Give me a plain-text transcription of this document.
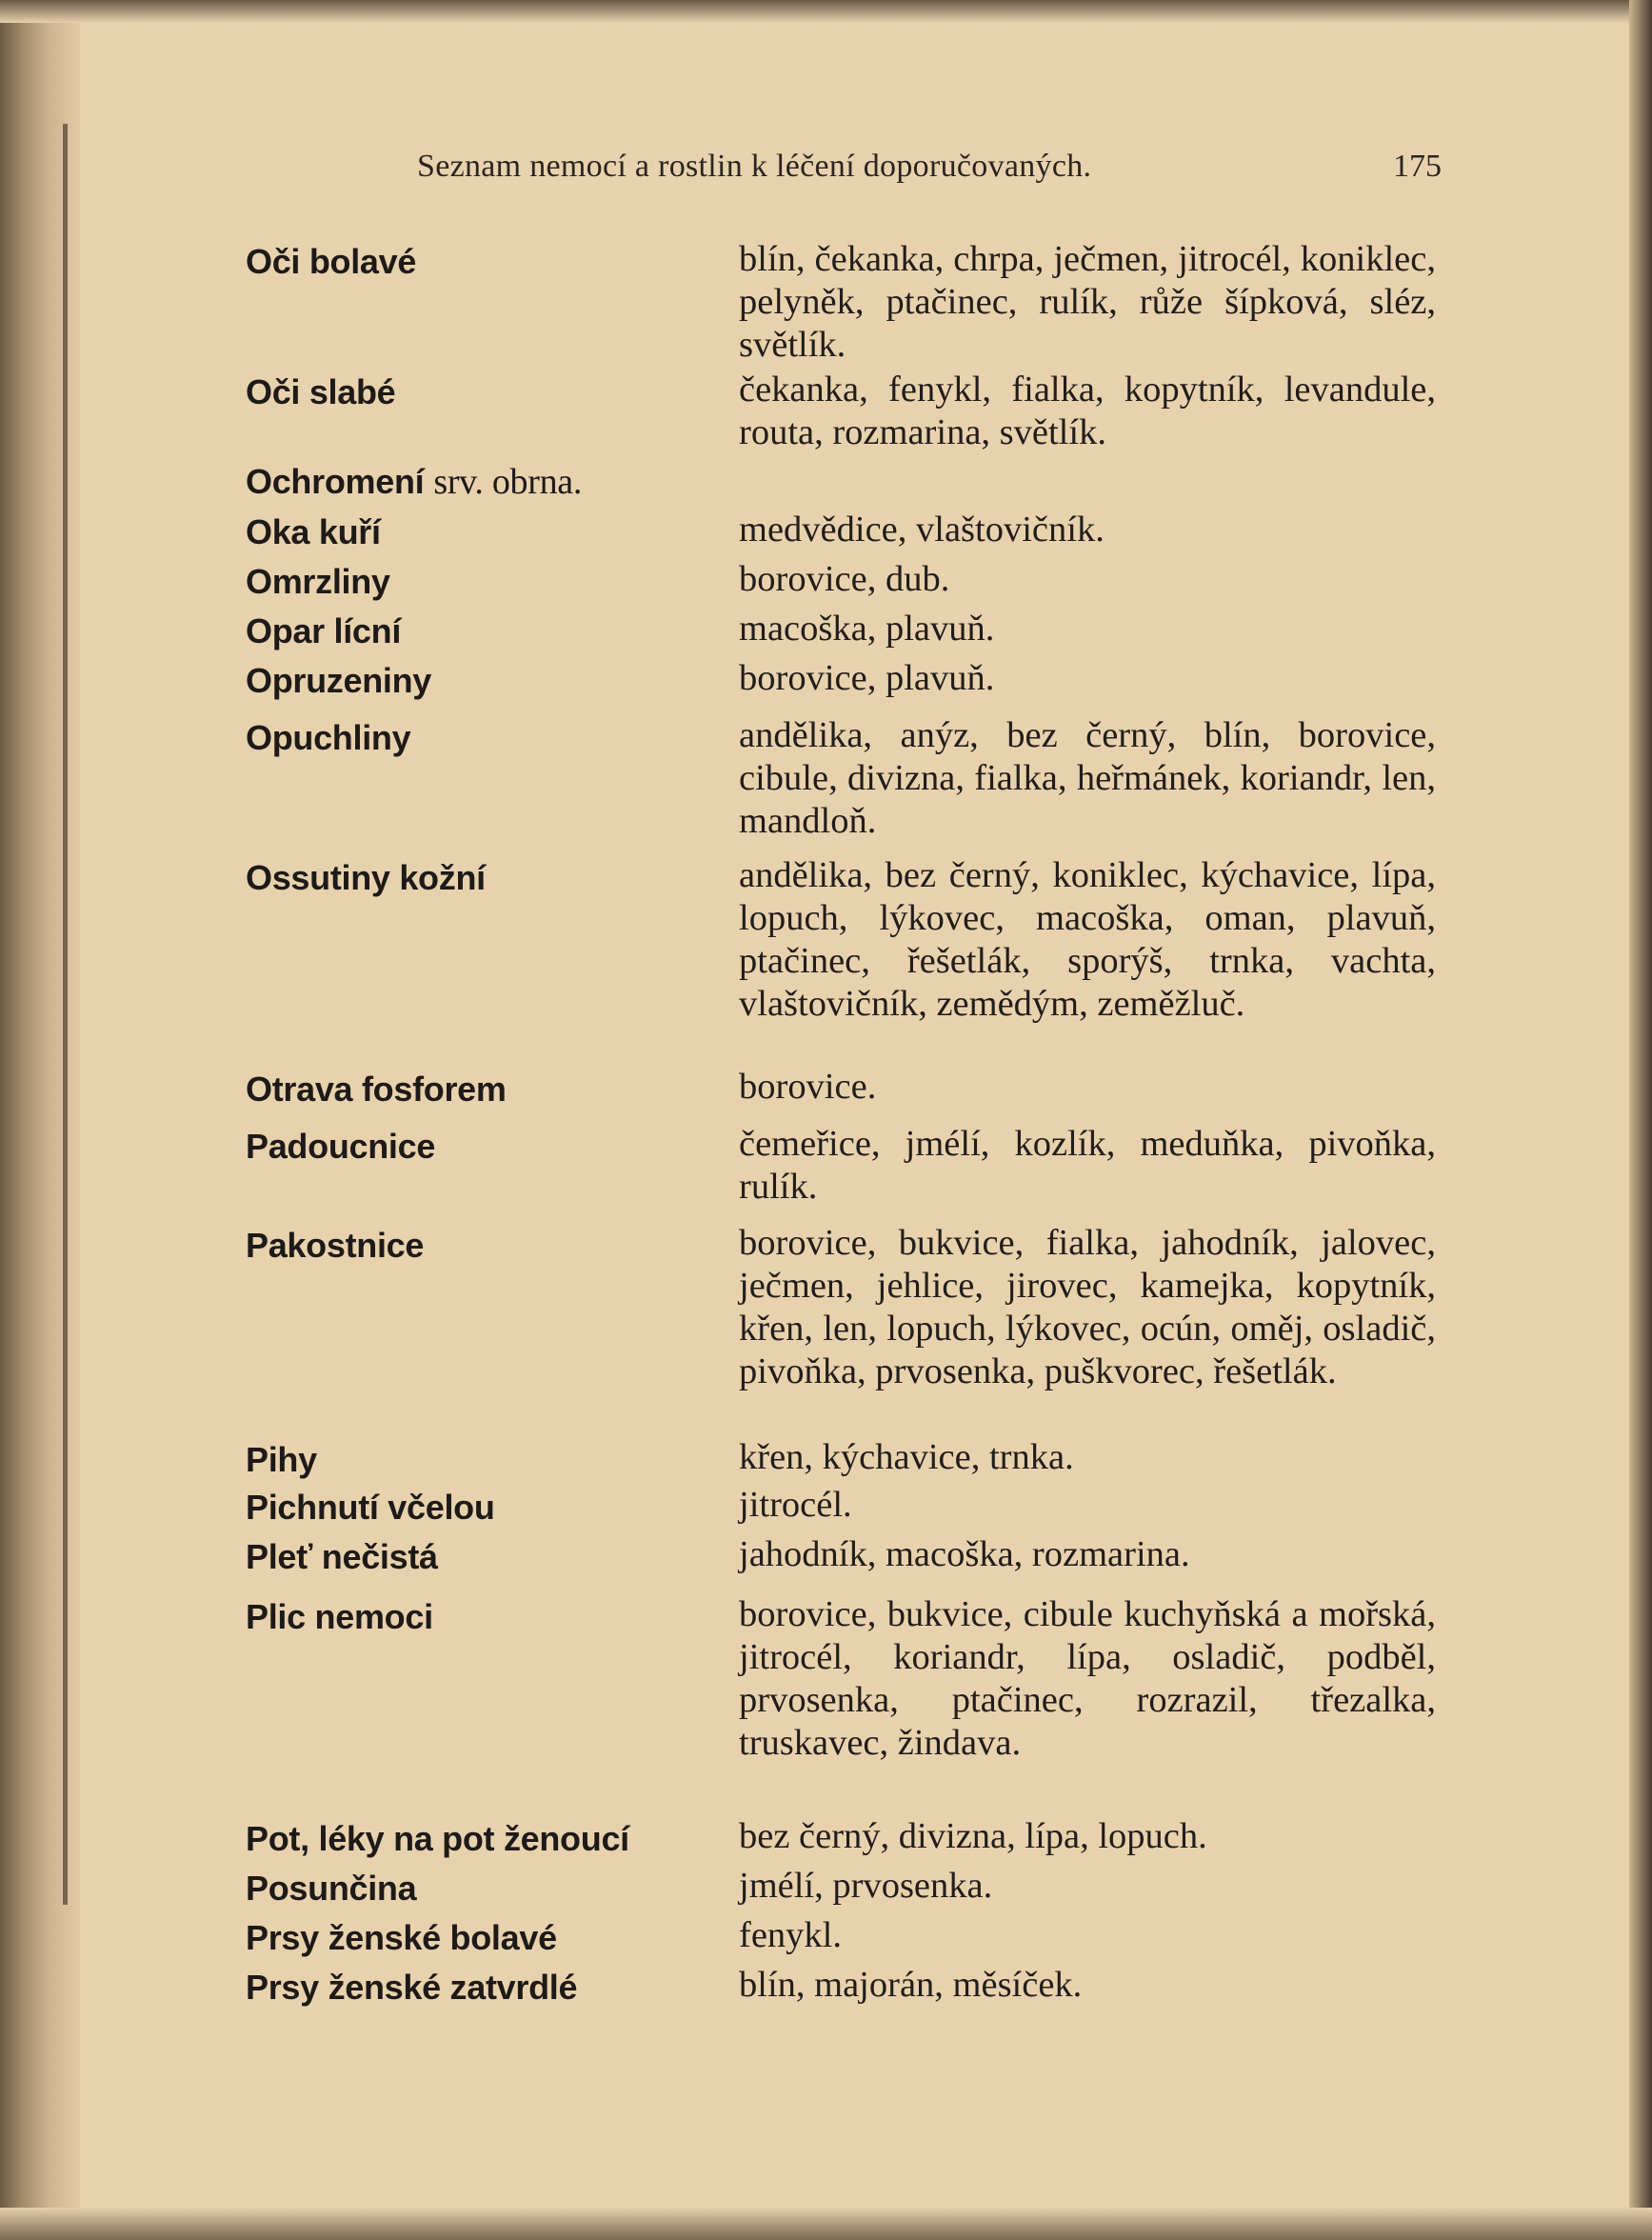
Seznam nemocí a rostlin k léčení doporučovaných.	175
Oči bolavé	blín, čekanka, chrpa, ječmen, jitrocél, koniklec, pelyněk, ptačinec, rulík, růže šípková, sléz, světlík.
Oči slabé	čekanka, fenykl, fialka, kopytník, levandule, routa, rozmarina, světlík.
Ochromení srv. obrna.
Oka kuří	medvědice, vlaštovičník.
Omrzliny	borovice, dub.
Opar lícní	macoška, plavuň.
Opruzeniny	borovice, plavuň.
Opuchliny	andělika, anýz, bez černý, blín, borovice, cibule, divizna, fialka, heřmánek, koriandr, len, mandloň.
Ossutiny kožní	andělika, bez černý, koniklec, kýchavice, lípa, lopuch, lýkovec, macoška, oman, plavuň, ptačinec, řešetlák, sporýš, trnka, vachta, vlaštovičník, zemědým, zeměžluč.
Otrava fosforem	borovice.
Padoucnice	čemeřice, jmélí, kozlík, meduňka, pivoňka, rulík.
Pakostnice	borovice, bukvice, fialka, jahodník, jalovec, ječmen, jehlice, jirovec, kamejka, kopytník, křen, len, lopuch, lýkovec, ocún, oměj, osladič, pivoňka, prvosenka, puškvorec, řešetlák.
Pihy	křen, kýchavice, trnka.
Pichnutí včelou	jitrocél.
Pleť nečistá	jahodník, macoška, rozmarina.
Plic nemoci	borovice, bukvice, cibule kuchyňská a mořská, jitrocél, koriandr, lípa, osladič, podběl, prvosenka, ptačinec, rozrazil, třezalka, truskavec, žindava.
Pot, léky na pot ženoucí	bez černý, divizna, lípa, lopuch.
Posunčina	jmélí, prvosenka.
Prsy ženské bolavé	fenykl.
Prsy ženské zatvrdlé	blín, majorán, měsíček.
